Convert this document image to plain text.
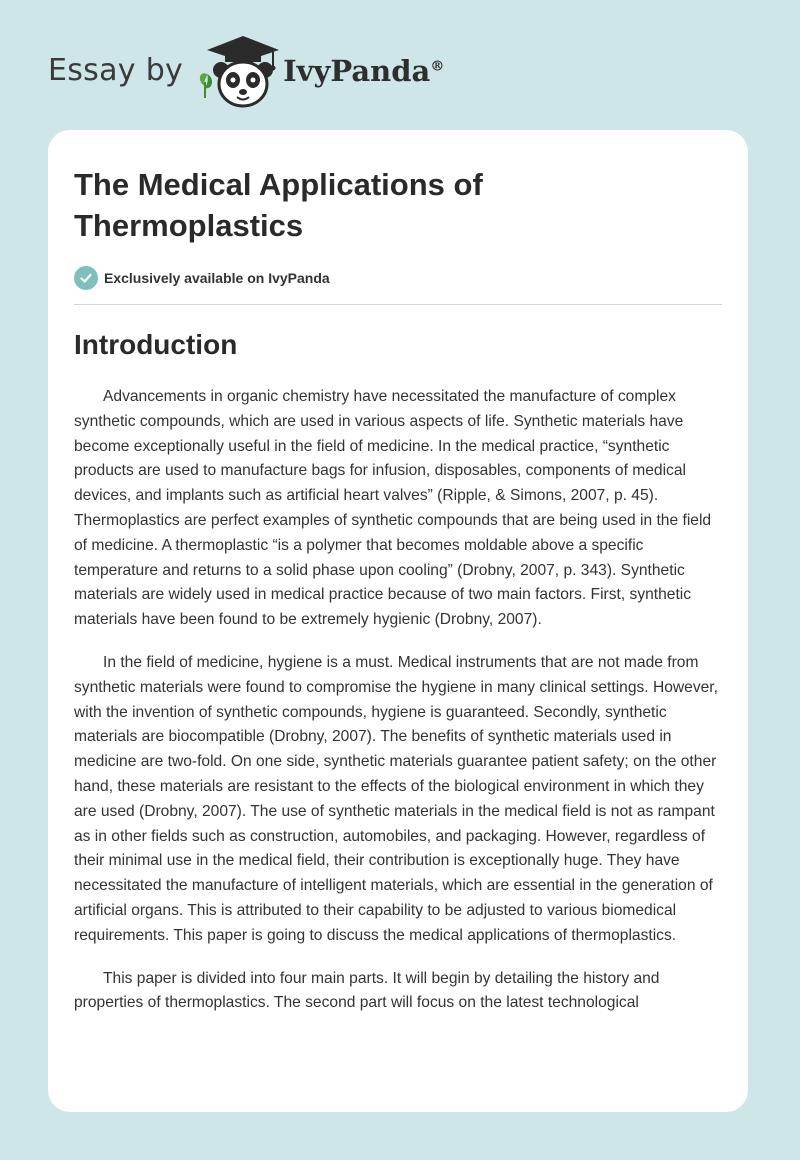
Essay by	IvyPanda®
The Medical Applications of Thermoplastics
Exclusively available on IvyPanda
Introduction

Advancements in organic chemistry have necessitated the manufacture of complex synthetic compounds, which are used in various aspects of life. Synthetic materials have become exceptionally useful in the field of medicine. In the medical practice, “synthetic products are used to manufacture bags for infusion, disposables, components of medical devices, and implants such as artificial heart valves” (Ripple, & Simons, 2007, p. 45). Thermoplastics are perfect examples of synthetic compounds that are being used in the field of medicine. A thermoplastic “is a polymer that becomes moldable above a specific temperature and returns to a solid phase upon cooling” (Drobny, 2007, p. 343). Synthetic materials are widely used in medical practice because of two main factors. First, synthetic materials have been found to be extremely hygienic (Drobny, 2007).

In the field of medicine, hygiene is a must. Medical instruments that are not made from synthetic materials were found to compromise the hygiene in many clinical settings. However, with the invention of synthetic compounds, hygiene is guaranteed. Secondly, synthetic materials are biocompatible (Drobny, 2007). The benefits of synthetic materials used in medicine are two-fold. On one side, synthetic materials guarantee patient safety; on the other hand, these materials are resistant to the effects of the biological environment in which they are used (Drobny, 2007). The use of synthetic materials in the medical field is not as rampant as in other fields such as construction, automobiles, and packaging. However, regardless of their minimal use in the medical field, their contribution is exceptionally huge. They have necessitated the manufacture of intelligent materials, which are essential in the generation of artificial organs. This is attributed to their capability to be adjusted to various biomedical requirements. This paper is going to discuss the medical applications of thermoplastics.

This paper is divided into four main parts. It will begin by detailing the history and properties of thermoplastics. The second part will focus on the latest technological
